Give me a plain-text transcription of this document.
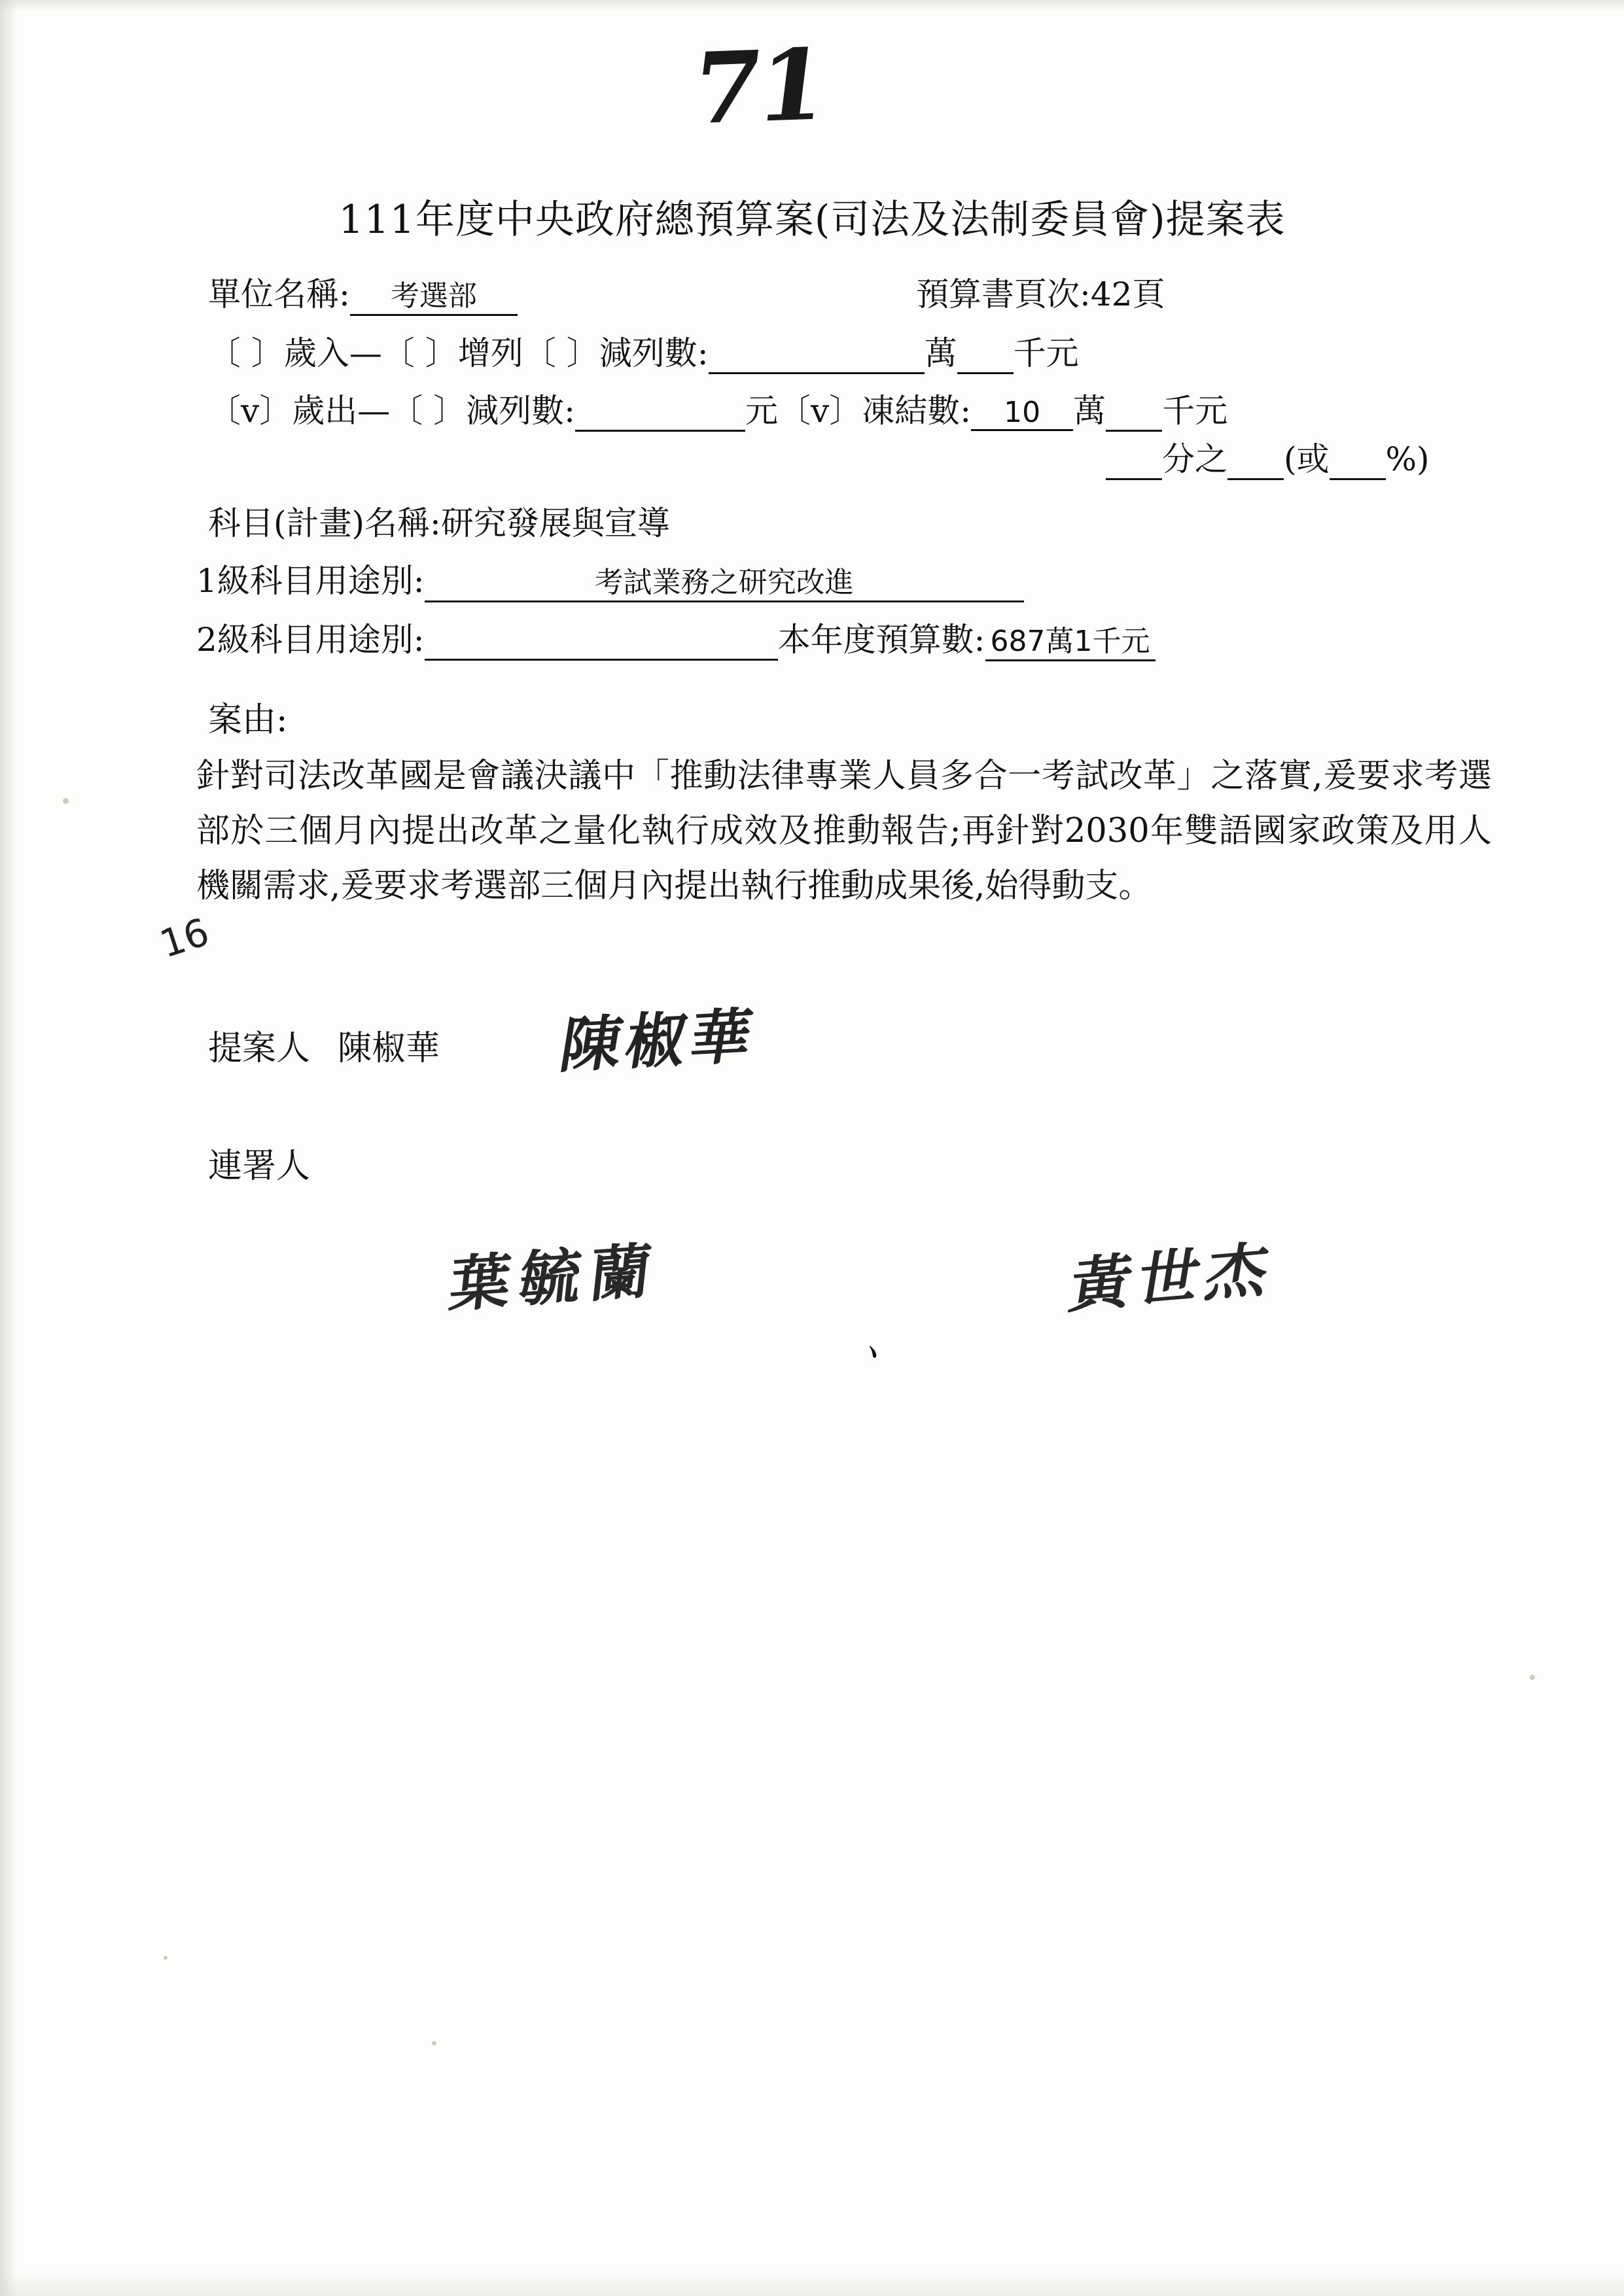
71
111年度中央政府總預算案(司法及法制委員會)提案表
單位名稱: 考選部	預算書頁次:42頁
〔 〕歲入—〔 〕增列〔 〕減列數:	萬 千元
〔v〕歲出—〔 〕減列數:	元〔v〕凍結數: 10 萬 千元
分之 (或 %)
科目(計畫)名稱:研究發展與宣導
1級科目用途別:	考試業務之研究改進
2級科目用途別:	本年度預算數: 687萬1千元
案由:
針對司法改革國是會議決議中「推動法律專業人員多合一考試改革」之落實,爰要求考選部於三個月內提出改革之量化執行成效及推動報告;再針對2030年雙語國家政策及用人機關需求,爰要求考選部三個月內提出執行推動成果後,始得動支。
16
提案人 陳椒華 陳椒華
連署人
葉毓蘭
、
黃世杰
